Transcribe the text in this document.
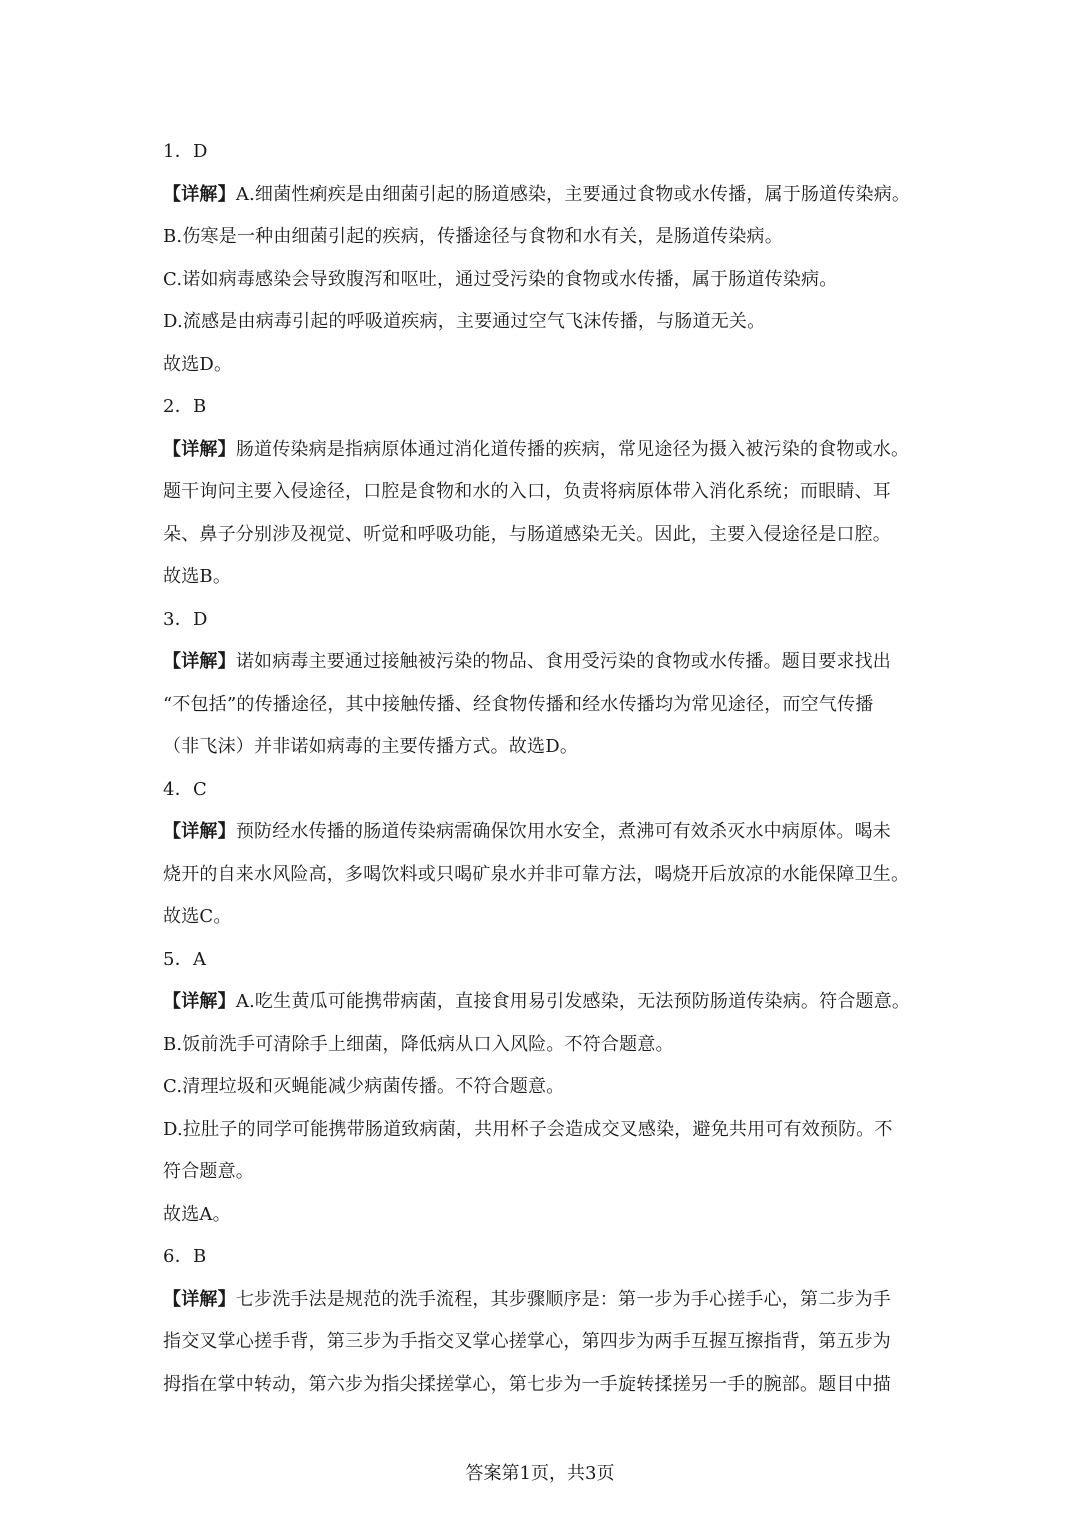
1．D
【详解】A.细菌性痢疾是由细菌引起的肠道感染，主要通过食物或水传播，属于肠道传染病。
B.伤寒是一种由细菌引起的疾病，传播途径与食物和水有关，是肠道传染病。
C.诺如病毒感染会导致腹泻和呕吐，通过受污染的食物或水传播，属于肠道传染病。
D.流感是由病毒引起的呼吸道疾病，主要通过空气飞沫传播，与肠道无关。
故选D。
2．B
【详解】肠道传染病是指病原体通过消化道传播的疾病，常见途径为摄入被污染的食物或水。
题干询问主要入侵途径，口腔是食物和水的入口，负责将病原体带入消化系统；而眼睛、耳
朵、鼻子分别涉及视觉、听觉和呼吸功能，与肠道感染无关。因此，主要入侵途径是口腔。
故选B。
3．D
【详解】诺如病毒主要通过接触被污染的物品、食用受污染的食物或水传播。题目要求找出
“不包括”的传播途径，其中接触传播、经食物传播和经水传播均为常见途径，而空气传播
（非飞沫）并非诺如病毒的主要传播方式。故选D。
4．C
【详解】预防经水传播的肠道传染病需确保饮用水安全，煮沸可有效杀灭水中病原体。喝未
烧开的自来水风险高，多喝饮料或只喝矿泉水并非可靠方法，喝烧开后放凉的水能保障卫生。
故选C。
5．A
【详解】A.吃生黄瓜可能携带病菌，直接食用易引发感染，无法预防肠道传染病。符合题意。
B.饭前洗手可清除手上细菌，降低病从口入风险。不符合题意。
C.清理垃圾和灭蝇能减少病菌传播。不符合题意。
D.拉肚子的同学可能携带肠道致病菌，共用杯子会造成交叉感染，避免共用可有效预防。不
符合题意。
故选A。
6．B
【详解】七步洗手法是规范的洗手流程，其步骤顺序是：第一步为手心搓手心，第二步为手
指交叉掌心搓手背，第三步为手指交叉掌心搓掌心，第四步为两手互握互擦指背，第五步为
拇指在掌中转动，第六步为指尖揉搓掌心，第七步为一手旋转揉搓另一手的腕部。题目中描
答案第1页，共3页
